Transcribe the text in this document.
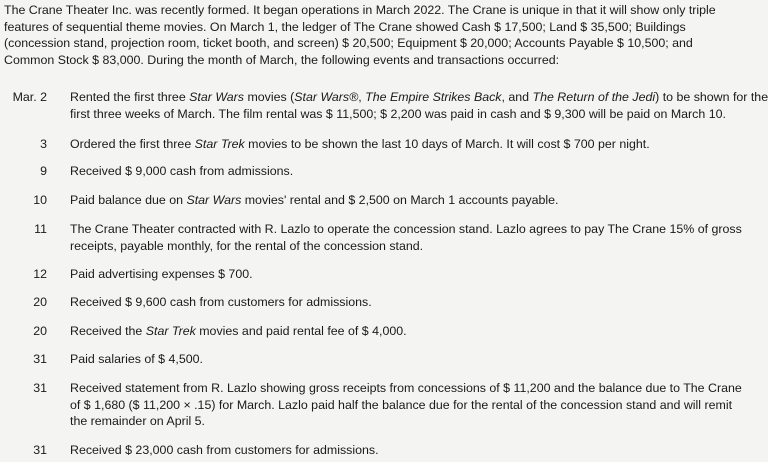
The Crane Theater Inc. was recently formed. It began operations in March 2022. The Crane is unique in that it will show only triple
features of sequential theme movies. On March 1, the ledger of The Crane showed Cash $ 17,500; Land $ 35,500; Buildings
(concession stand, projection room, ticket booth, and screen) $ 20,500; Equipment $ 20,000; Accounts Payable $ 10,500; and
Common Stock $ 83,000. During the month of March, the following events and transactions occurred:
Mar. 2 Rented the first three Star Wars movies (Star Wars®, The Empire Strikes Back, and The Return of the Jedi) to be shown for the
first three weeks of March. The film rental was $ 11,500; $ 2,200 was paid in cash and $ 9,300 will be paid on March 10.
3 Ordered the first three Star Trek movies to be shown the last 10 days of March. It will cost $ 700 per night.
9 Received $ 9,000 cash from admissions.
10 Paid balance due on Star Wars movies' rental and $ 2,500 on March 1 accounts payable.
11 The Crane Theater contracted with R. Lazlo to operate the concession stand. Lazlo agrees to pay The Crane 15% of gross
receipts, payable monthly, for the rental of the concession stand.
12 Paid advertising expenses $ 700.
20 Received $ 9,600 cash from customers for admissions.
20 Received the Star Trek movies and paid rental fee of $ 4,000.
31 Paid salaries of $ 4,500.
31 Received statement from R. Lazlo showing gross receipts from concessions of $ 11,200 and the balance due to The Crane
of $ 1,680 ($ 11,200 × .15) for March. Lazlo paid half the balance due for the rental of the concession stand and will remit
the remainder on April 5.
31 Received $ 23,000 cash from customers for admissions.
